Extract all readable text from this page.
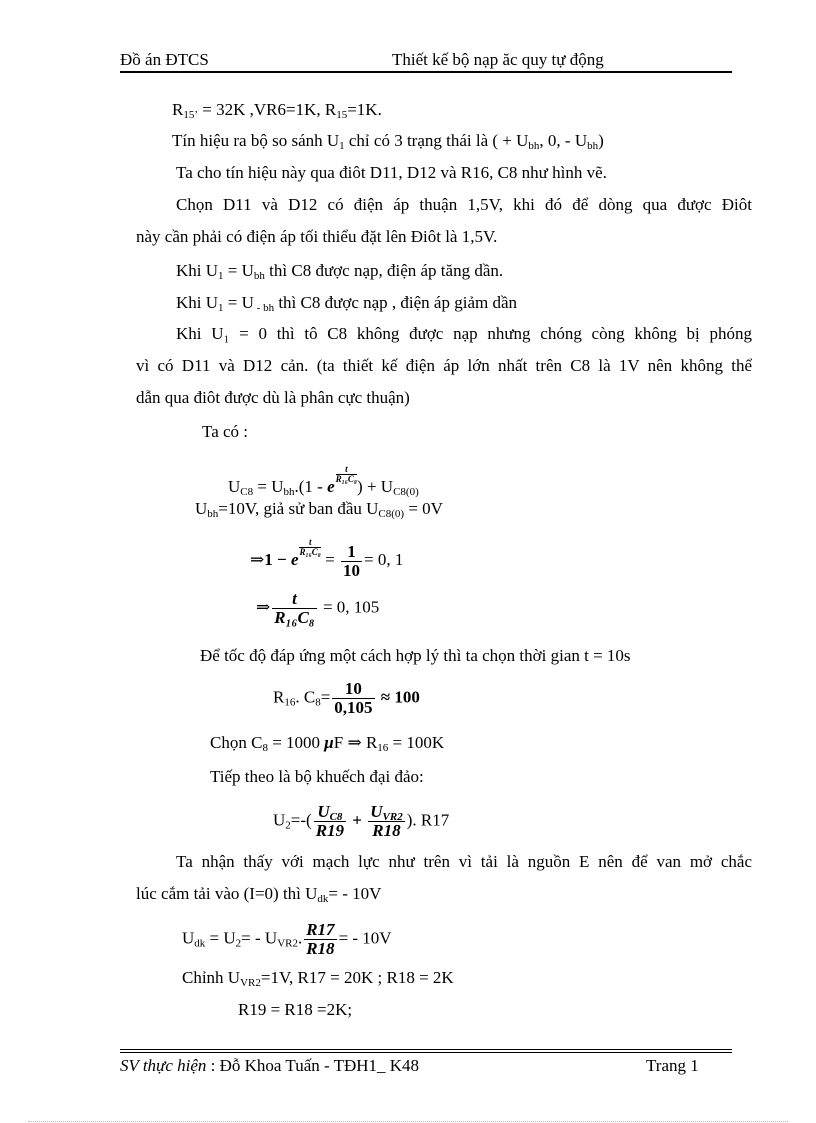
Đồ án ĐTCS	Thiết kế bộ nạp ăc quy tự động
$R_{15’} = 32K$ ,VR6=1K, $R_{15}=1K$.
Tín hiệu ra bộ so sánh $U_1$ chỉ có 3 trạng thái là ( + $U_{bh}$, 0, - $U_{bh}$)
Ta cho tín hiệu này qua điôt D11, D12 và R16, C8 như hình vẽ.
Chọn D11 và D12 có điện áp thuận 1,5V, khi đó để dòng qua được Điôt
này cần phải có điện áp tối thiểu đặt lên Điôt là 1,5V.
Khi $U_1 = U_{bh}$ thì C8 được nạp, điện áp tăng dần.
Khi $U_1 = U$ $_{- bh}$ thì C8 được nạp , điện áp giảm dần
Khi U₁ = 0 thì tô C8 không được nạp nhưng chóng còng không bị phóng
vì có D11 và D12 cản. (ta thiết kế điện áp lớn nhất trên C8 là 1V nên không thể
dẫn qua điôt được dù là phân cực thuận)
Ta có :
$U_{C8} = U_{bh}.(1 - e$
$\frac{t}{\text{R₁₆C₈}}$
) + $U_{C8(0)}$
$U_{bh}=10V$, giả sử ban đầu $U_{C8(0)} = 0V$
⇒1 − e
$\frac{t}{\text{R₁₆C₈}}$
= $\frac{1}{10} = 0$, 1
⇒ $\frac{t}{\text{R₁₆C₈}} = 0$, 105
Để tốc độ đáp ứng một cách hợp lý thì ta chọn thời gian t = 10s
$R_{16}$. $C_8= \frac{10}{0,105} \approx 100$
Chọn $C_8 = 1000$ μF ⇒ $R_{16} = 100K$
Tiếp theo là bộ khuếch đại đảo:
$U_2=-( \frac{U_{C8}}{R19} + \frac{U_{VR2}}{R18}$ ). R17
Ta nhận thấy với mạch lực như trên vì tải là nguồn E nên để van mở chắc
lúc cắm tải vào (I=0) thì $U_{dk}= - 10V$
$U_{dk} = U_2= - U_{VR2}$. $\frac{R17}{R18}$ = - 10V
Chỉnh $U_{VR2}=1V$, R17 = 20K ; R18 = 2K
R19 = R18 =2K;
SV thực hiện : Đỗ Khoa Tuấn - TĐH1_ K48	Trang 1
